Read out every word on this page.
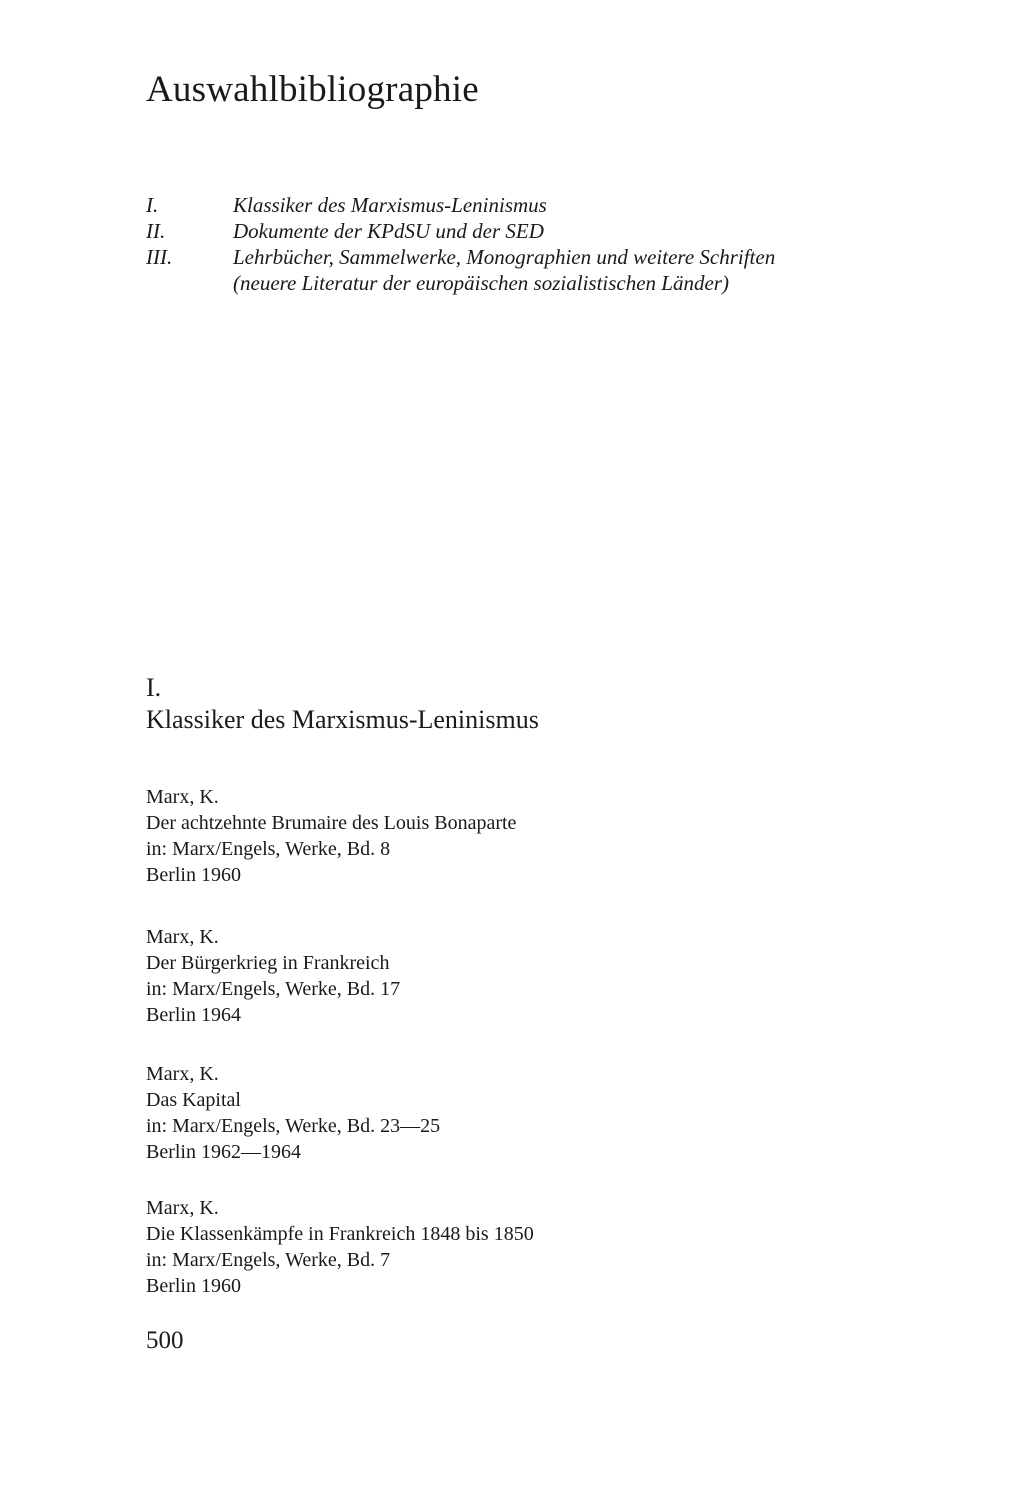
Auswahlbibliographie
I.	Klassiker des Marxismus-Leninismus
II.	Dokumente der KPdSU und der SED
III.	Lehrbücher, Sammelwerke, Monographien und weitere Schriften
(neuere Literatur der europäischen sozialistischen Länder)
I.
Klassiker des Marxismus-Leninismus
Marx, K.
Der achtzehnte Brumaire des Louis Bonaparte
in: Marx/Engels, Werke, Bd. 8
Berlin 1960
Marx, K.
Der Bürgerkrieg in Frankreich
in: Marx/Engels, Werke, Bd. 17
Berlin 1964
Marx, K.
Das Kapital
in: Marx/Engels, Werke, Bd. 23—25
Berlin 1962—1964
Marx, K.
Die Klassenkämpfe in Frankreich 1848 bis 1850
in: Marx/Engels, Werke, Bd. 7
Berlin 1960
500
